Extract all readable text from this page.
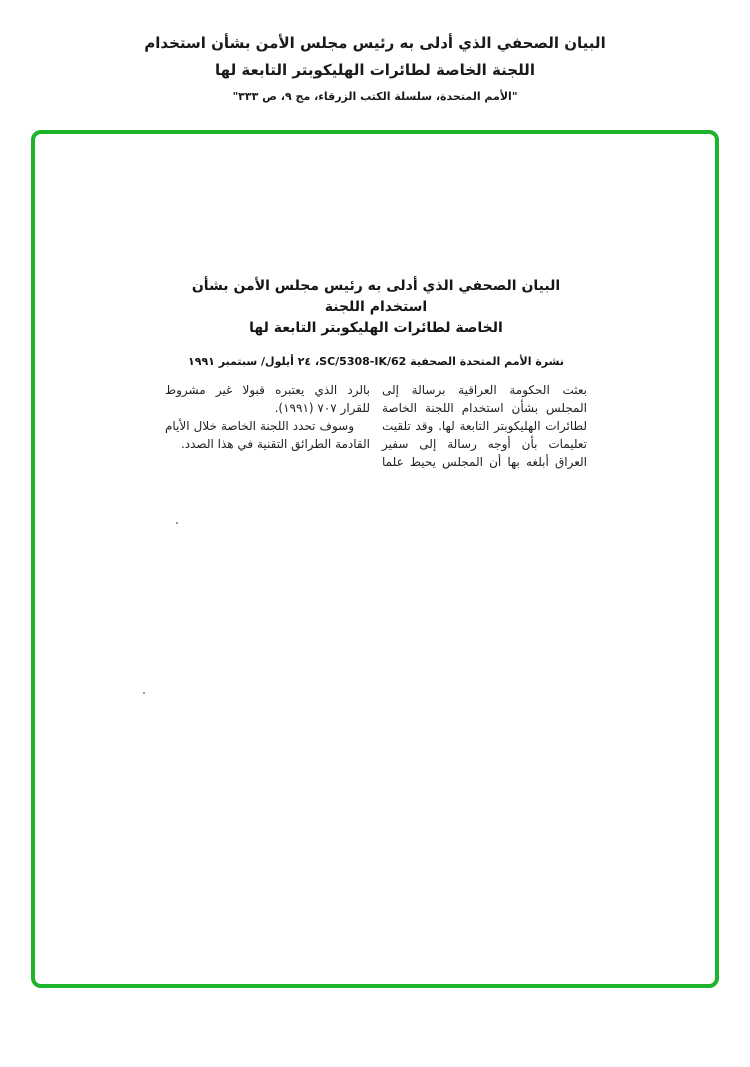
البيان الصحفي الذي أدلى به رئيس مجلس الأمن بشأن استخدام
اللجنة الخاصة لطائرات الهليكوبتر التابعة لها
"الأمم المتحدة، سلسلة الكتب الزرقاء، مج ٩، ص ٣٣٣"
البيان الصحفي الذي أدلى به رئيس مجلس الأمن بشأن استخدام اللجنة
الخاصة لطائرات الهليكوبتر التابعة لها
نشرة الأمم المتحدة الصحفية SC/5308-IK/62، ٢٤ أيلول/ سبتمبر ١٩٩١

بعثت الحكومة العراقية برسالة إلى المجلس بشأن استخدام اللجنة الخاصة لطائرات الهليكوبتر التابعة لها. وقد تلقيت تعليمات بأن أوجه رسالة إلى سفير العراق أبلغه بها أن المجلس يحيط علما

بالرد الذي يعتبره قبولا غير مشروط للقرار ٧٠٧ (١٩٩١).

وسوف تحدد اللجنة الخاصة خلال الأيام القادمة الطرائق التقنية في هذا الصدد.
